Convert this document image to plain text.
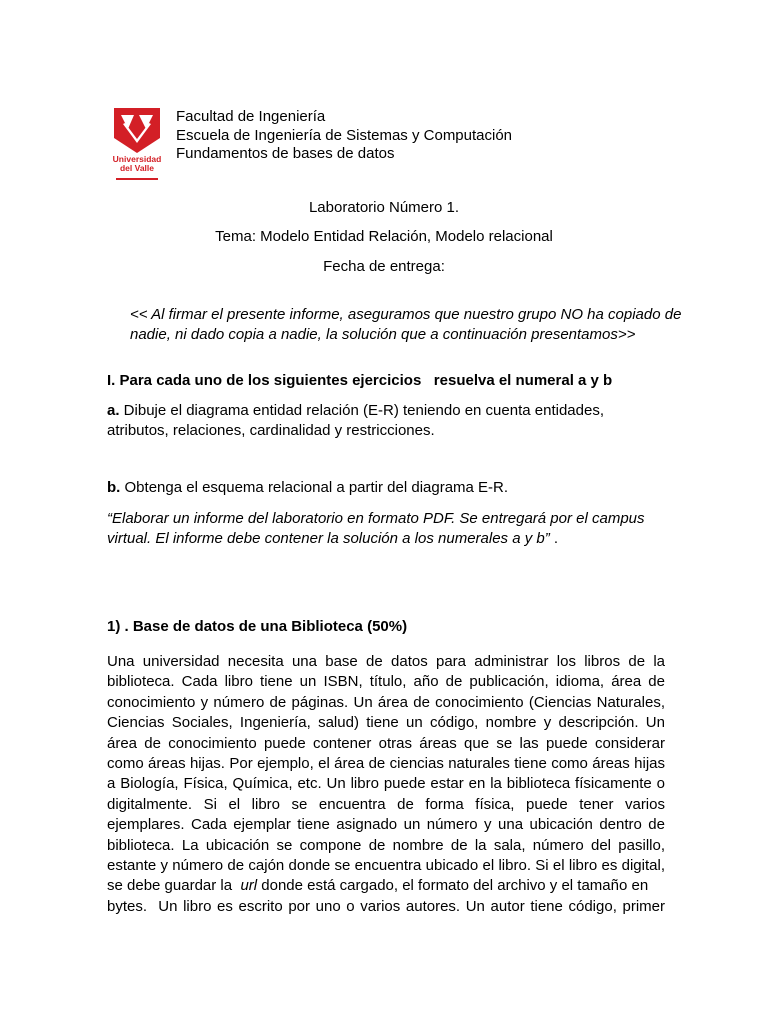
Universidad
del Valle
Facultad de Ingeniería
Escuela de Ingeniería de Sistemas y Computación
Fundamentos de bases de datos
Laboratorio Número 1.
Tema: Modelo Entidad Relación, Modelo relacional
Fecha de entrega:
<< Al firmar el presente informe, aseguramos que nuestro grupo NO ha copiado de
nadie, ni dado copia a nadie, la solución que a continuación presentamos>>
I. Para cada uno de los siguientes ejercicios   resuelva el numeral a y b
a. Dibuje el diagrama entidad relación (E-R) teniendo en cuenta entidades,
atributos, relaciones, cardinalidad y restricciones.
b. Obtenga el esquema relacional a partir del diagrama E-R.
“Elaborar un informe del laboratorio en formato PDF. Se entregará por el campus
virtual. El informe debe contener la solución a los numerales a y b” .
1) . Base de datos de una Biblioteca (50%)
Una universidad necesita una base de datos para administrar los libros de la
biblioteca. Cada libro tiene un ISBN, título, año de publicación, idioma, área de
conocimiento y número de páginas. Un área de conocimiento (Ciencias Naturales,
Ciencias Sociales, Ingeniería, salud) tiene un código, nombre y descripción. Un
área de conocimiento puede contener otras áreas que se las puede considerar
como áreas hijas. Por ejemplo, el área de ciencias naturales tiene como áreas hijas
a Biología, Física, Química, etc. Un libro puede estar en la biblioteca físicamente o
digitalmente. Si el libro se encuentra de forma física, puede tener varios
ejemplares. Cada ejemplar tiene asignado un número y una ubicación dentro de
biblioteca. La ubicación se compone de nombre de la sala, número del pasillo,
estante y número de cajón donde se encuentra ubicado el libro. Si el libro es digital,
se debe guardar la  url donde está cargado, el formato del archivo y el tamaño en
bytes.  Un libro es escrito por uno o varios autores. Un autor tiene código, primer
